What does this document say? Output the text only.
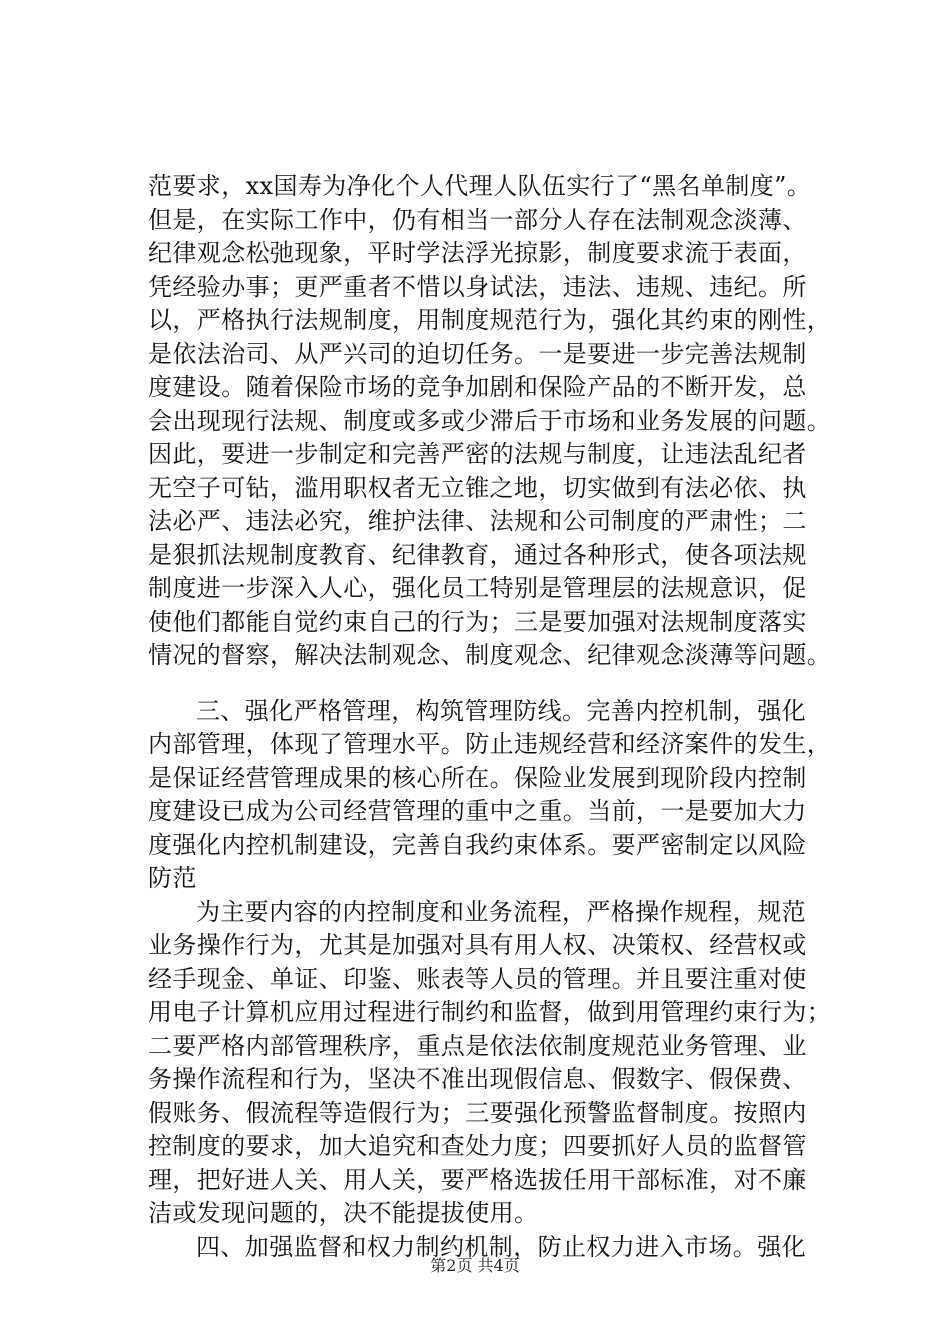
范要求，xx国寿为净化个人代理人队伍实行了“黑名单制度”。
但是，在实际工作中，仍有相当一部分人存在法制观念淡薄、
纪律观念松弛现象，平时学法浮光掠影，制度要求流于表面，
凭经验办事；更严重者不惜以身试法，违法、违规、违纪。所
以，严格执行法规制度，用制度规范行为，强化其约束的刚性，
是依法治司、从严兴司的迫切任务。一是要进一步完善法规制
度建设。随着保险市场的竞争加剧和保险产品的不断开发，总
会出现现行法规、制度或多或少滞后于市场和业务发展的问题。
因此，要进一步制定和完善严密的法规与制度，让违法乱纪者
无空子可钻，滥用职权者无立锥之地，切实做到有法必依、执
法必严、违法必究，维护法律、法规和公司制度的严肃性；二
是狠抓法规制度教育、纪律教育，通过各种形式，使各项法规
制度进一步深入人心，强化员工特别是管理层的法规意识，促
使他们都能自觉约束自己的行为；三是要加强对法规制度落实
情况的督察，解决法制观念、制度观念、纪律观念淡薄等问题。
三、强化严格管理，构筑管理防线。完善内控机制，强化
内部管理，体现了管理水平。防止违规经营和经济案件的发生，
是保证经营管理成果的核心所在。保险业发展到现阶段内控制
度建设已成为公司经营管理的重中之重。当前，一是要加大力
度强化内控机制建设，完善自我约束体系。要严密制定以风险
防范
为主要内容的内控制度和业务流程，严格操作规程，规范
业务操作行为，尤其是加强对具有用人权、决策权、经营权或
经手现金、单证、印鉴、账表等人员的管理。并且要注重对使
用电子计算机应用过程进行制约和监督，做到用管理约束行为；
二要严格内部管理秩序，重点是依法依制度规范业务管理、业
务操作流程和行为，坚决不准出现假信息、假数字、假保费、
假账务、假流程等造假行为；三要强化预警监督制度。按照内
控制度的要求，加大追究和查处力度；四要抓好人员的监督管
理，把好进人关、用人关，要严格选拔任用干部标准，对不廉
洁或发现问题的，决不能提拔使用。
四、加强监督和权力制约机制，防止权力进入市场。强化
第2页 共4页
